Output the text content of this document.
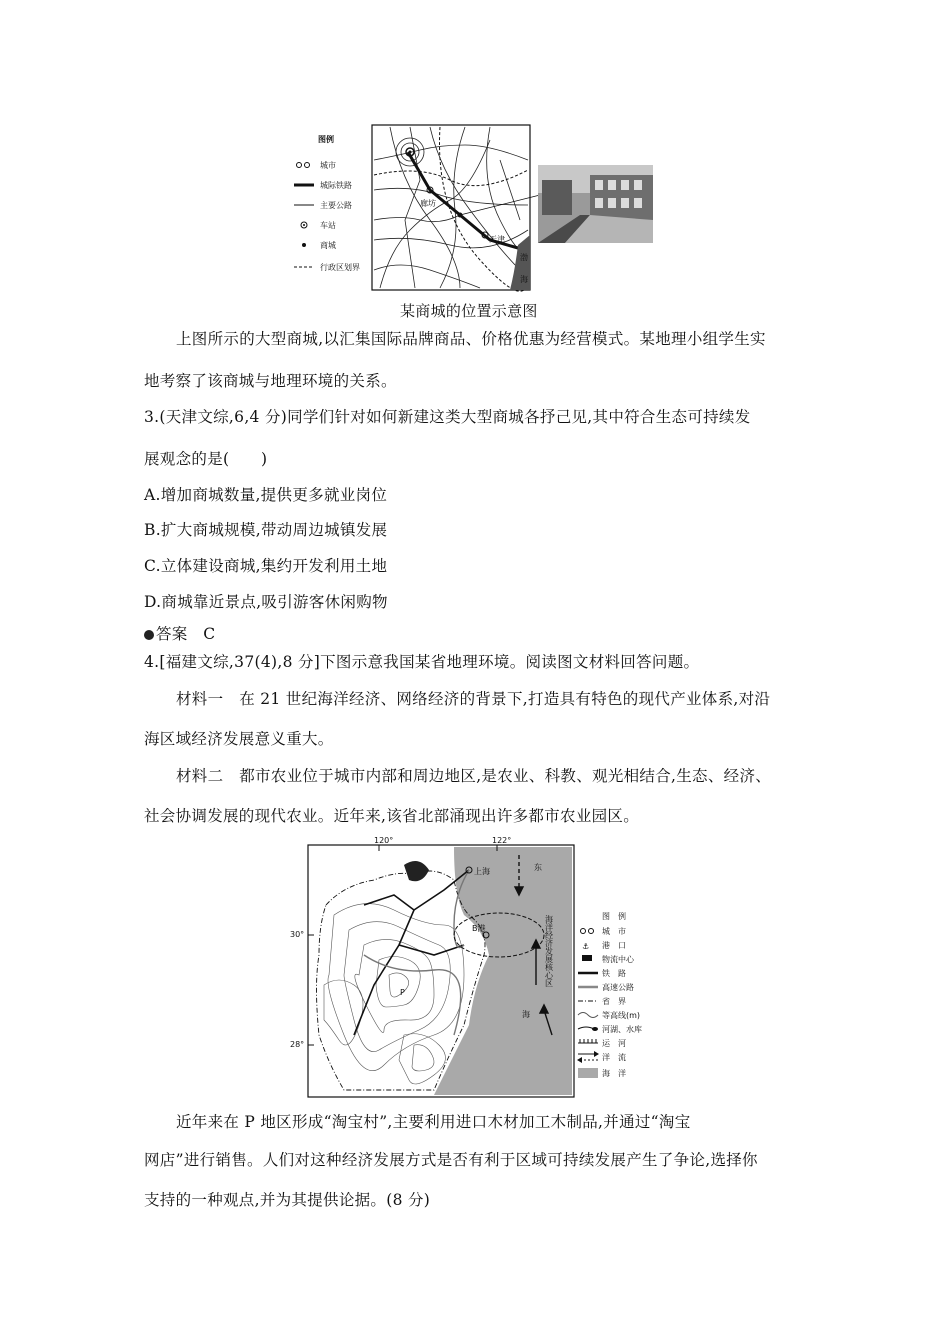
图例
城市
城际铁路
主要公路
车站
商城
行政区划界
廊坊
天津
渤
海
某商城的位置示意图
上图所示的大型商城,以汇集国际品牌商品、价格优惠为经营模式。某地理小组学生实
地考察了该商城与地理环境的关系。
3.(天津文综,6,4 分)同学们针对如何新建这类大型商城各抒己见,其中符合生态可持续发
展观念的是(　　)
A.增加商城数量,提供更多就业岗位
B.扩大商城规模,带动周边城镇发展
C.立体建设商城,集约开发利用土地
D.商城靠近景点,吸引游客休闲购物
答案 C
4.[福建文综,37(4),8 分]下图示意我国某省地理环境。阅读图文材料回答问题。
材料一　在 21 世纪海洋经济、网络经济的背景下,打造具有特色的现代产业体系,对沿
海区域经济发展意义重大。
材料二　都市农业位于城市内部和周边地区,是农业、科教、观光相结合,生态、经济、
社会协调发展的现代农业。近年来,该省北部涌现出许多都市农业园区。
上海
B港
P
东
海
海洋经济发展核心区
120°	122°
30°
28°
图　例
城　市
⚓ 港　口
物流中心
铁　路
高速公路
省　界
等高线(m)
河湖、水库
运　河
洋　流
海　洋
近年来在 P 地区形成“淘宝村”,主要利用进口木材加工木制品,并通过“淘宝
网店”进行销售。人们对这种经济发展方式是否有利于区域可持续发展产生了争论,选择你
支持的一种观点,并为其提供论据。(8 分)
